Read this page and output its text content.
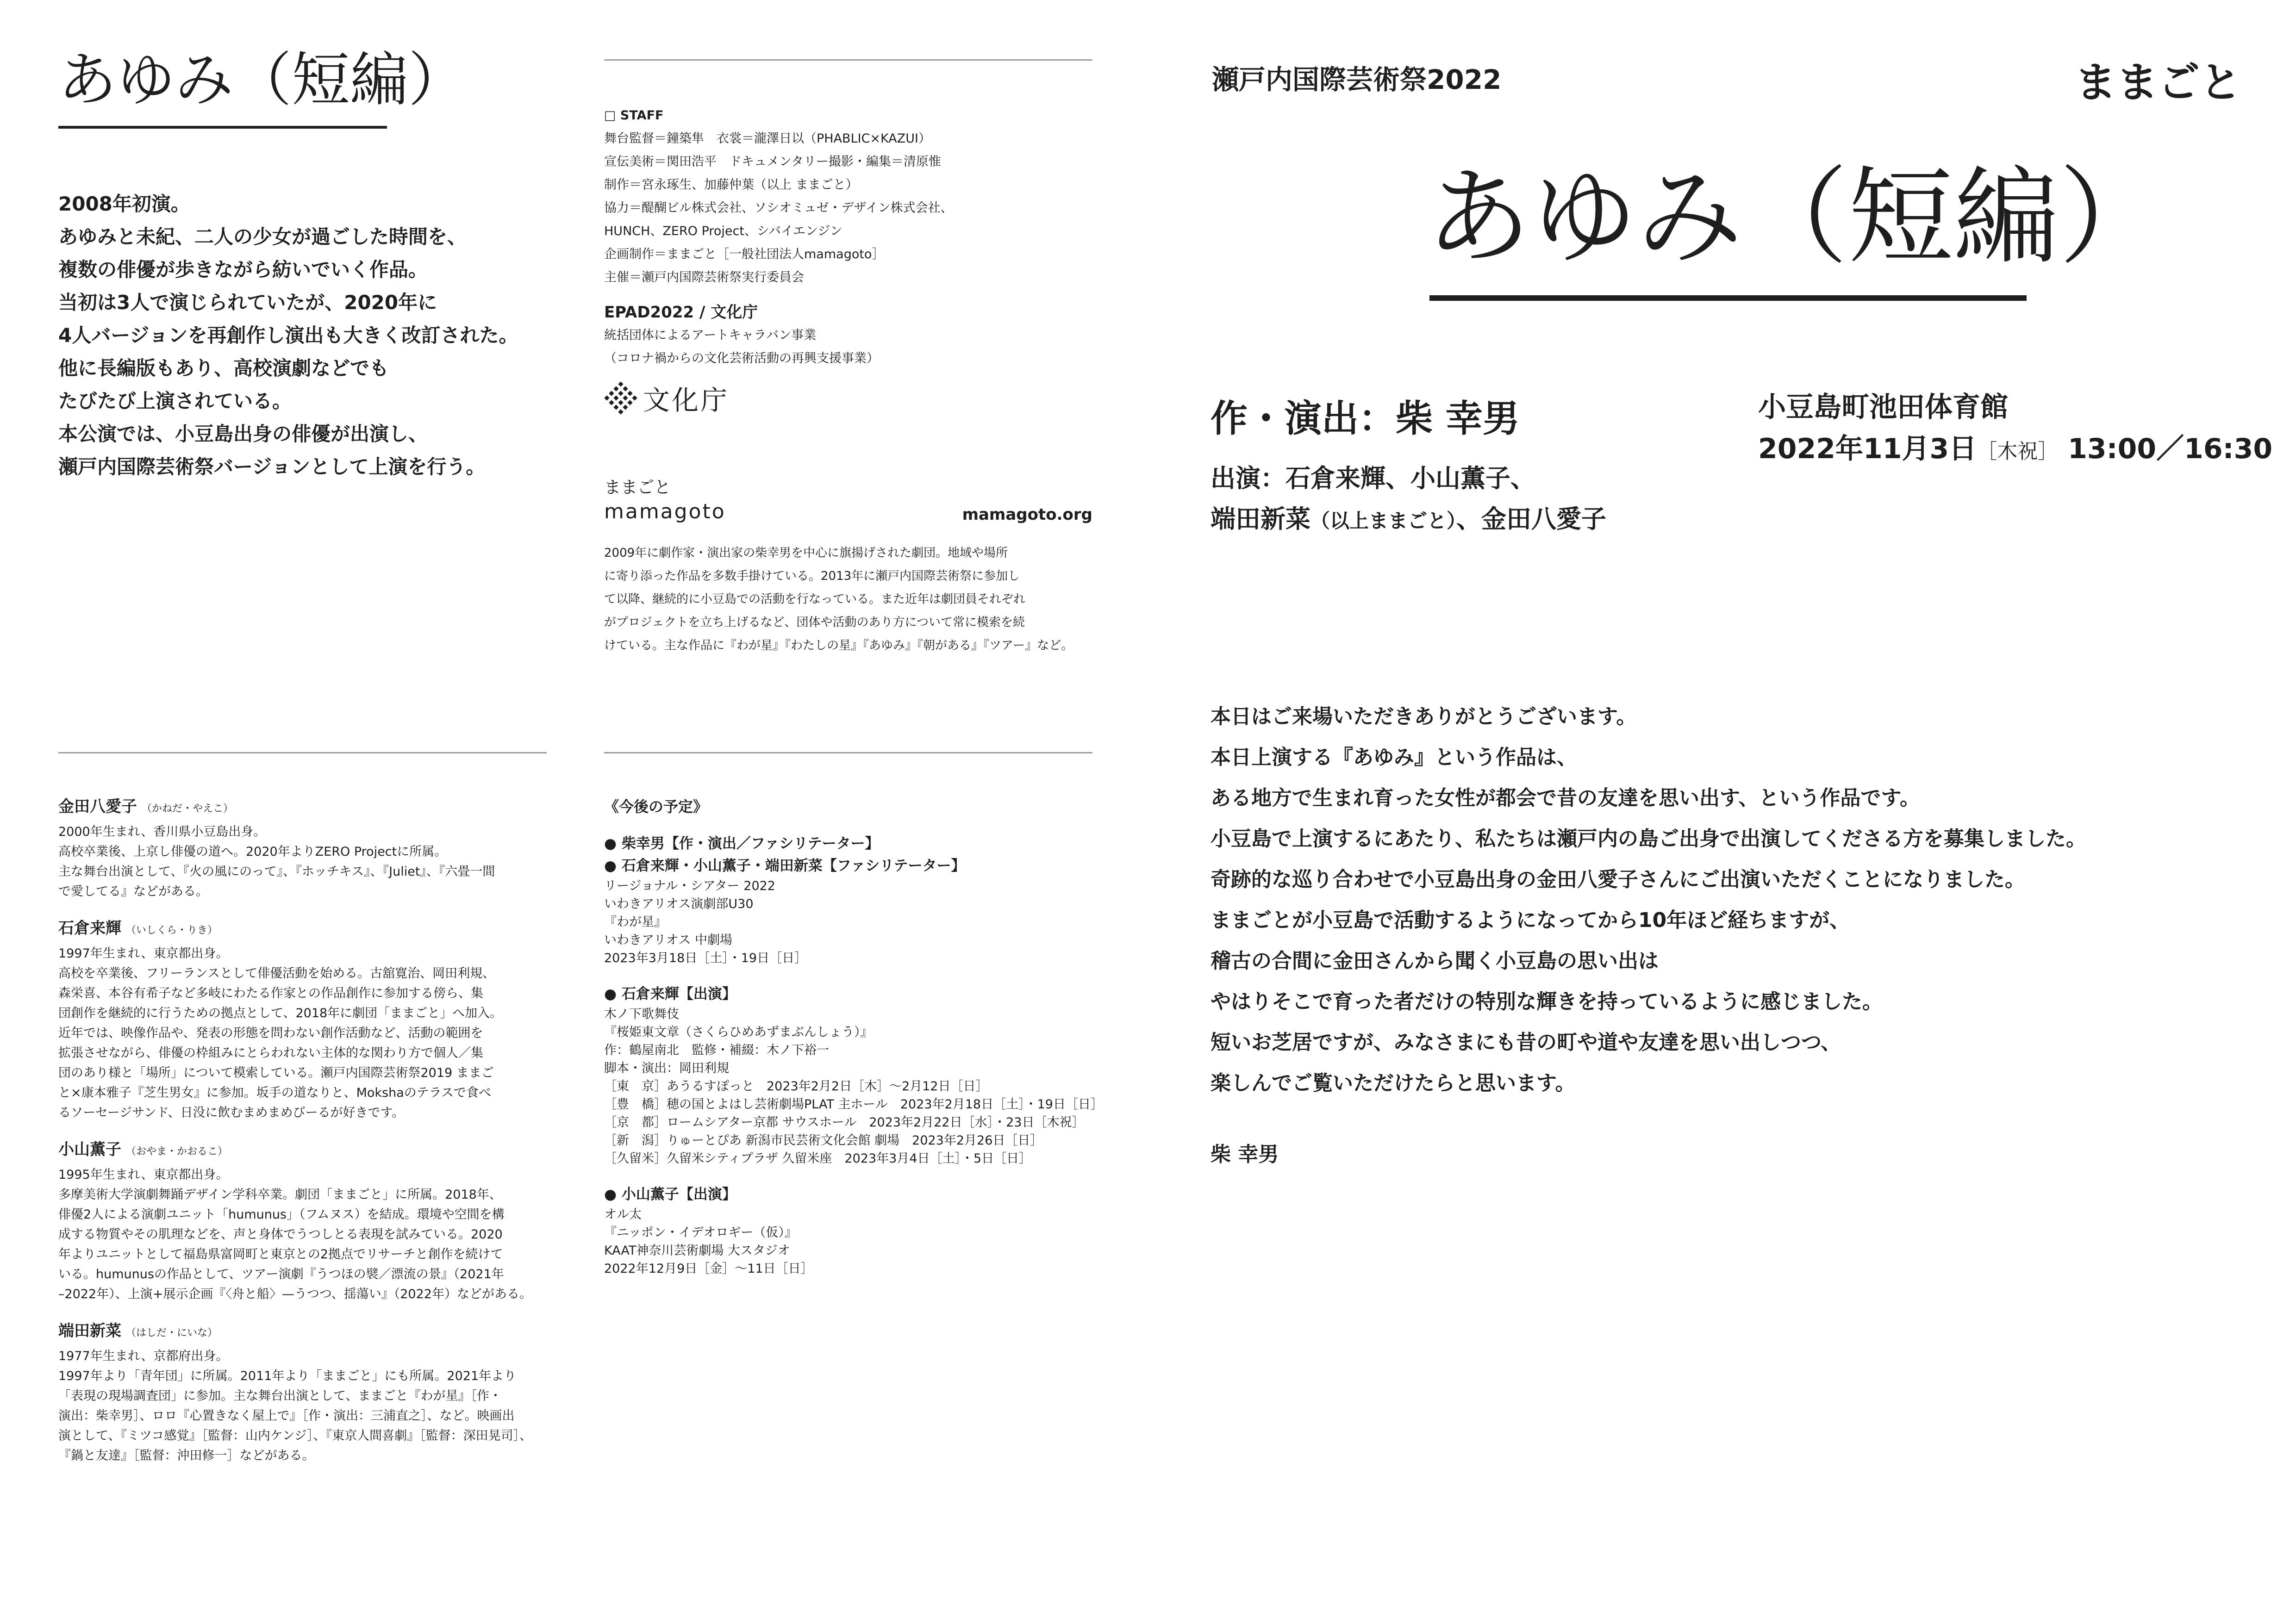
あゆみ（短編）
2008年初演。
あゆみと未紀、二人の少女が過ごした時間を、
複数の俳優が歩きながら紡いでいく作品。
当初は3人で演じられていたが、2020年に
4人バージョンを再創作し演出も大きく改訂された。
他に長編版もあり、高校演劇などでも
たびたび上演されている。
本公演では、小豆島出身の俳優が出演し、
瀬戸内国際芸術祭バージョンとして上演を行う。
金田八愛子 （かねだ・やえこ）
2000年生まれ、香川県小豆島出身。
高校卒業後、上京し俳優の道へ。2020年よりZERO Projectに所属。
主な舞台出演として、『火の風にのって』、『ホッチキス』、『Juliet』、『六畳一間
で愛してる』などがある。
石倉来輝 （いしくら・りき）
1997年生まれ、東京都出身。
高校を卒業後、フリーランスとして俳優活動を始める。古舘寛治、岡田利規、
森栄喜、本谷有希子など多岐にわたる作家との作品創作に参加する傍ら、集
団創作を継続的に行うための拠点として、2018年に劇団「ままごと」へ加入。
近年では、映像作品や、発表の形態を問わない創作活動など、活動の範囲を
拡張させながら、俳優の枠組みにとらわれない主体的な関わり方で個人／集
団のあり様と「場所」について模索している。瀬戸内国際芸術祭2019 ままご
と×康本雅子『芝生男女』に参加。坂手の道なりと、Mokshaのテラスで食べ
るソーセージサンド、日没に飲むまめまめびーるが好きです。
小山薫子 （おやま・かおるこ）
1995年生まれ、東京都出身。
多摩美術大学演劇舞踊デザイン学科卒業。劇団「ままごと」に所属。2018年、
俳優2人による演劇ユニット「humunus」（フムヌス）を結成。環境や空間を構
成する物質やその肌理などを、声と身体でうつしとる表現を試みている。2020
年よりユニットとして福島県富岡町と東京との2拠点でリサーチと創作を続けて
いる。humunusの作品として、ツアー演劇『うつほの襞／漂流の景』（2021年
–2022年）、上演+展示企画『〈舟と船〉—うつつ、揺蕩い』（2022年）などがある。
端田新菜 （はしだ・にいな）
1977年生まれ、京都府出身。
1997年より「青年団」に所属。2011年より「ままごと」にも所属。2021年より
「表現の現場調査団」に参加。主な舞台出演として、ままごと『わが星』［作・
演出：柴幸男］、ロロ『心置きなく屋上で』［作・演出：三浦直之］、など。映画出
演として、『ミツコ感覚』［監督：山内ケンジ］、『東京人間喜劇』［監督：深田晃司］、
『鍋と友達』［監督：沖田修一］などがある。
□ STAFF
舞台監督＝鐘築隼　衣裳＝瀧澤日以（PHABLIC×KAZUI）
宣伝美術＝関田浩平　ドキュメンタリー撮影・編集＝清原惟
制作＝宮永琢生、加藤仲葉（以上 ままごと）
協力＝醍醐ビル株式会社、ソシオミュゼ・デザイン株式会社、
HUNCH、ZERO Project、シバイエンジン
企画制作＝ままごと［一般社団法人mamagoto］
主催＝瀬戸内国際芸術祭実行委員会
EPAD2022 / 文化庁
統括団体によるアートキャラバン事業
（コロナ禍からの文化芸術活動の再興支援事業）
文化庁
ままごと
mamagoto	mamagoto.org
2009年に劇作家・演出家の柴幸男を中心に旗揚げされた劇団。地域や場所
に寄り添った作品を多数手掛けている。2013年に瀬戸内国際芸術祭に参加し
て以降、継続的に小豆島での活動を行なっている。また近年は劇団員それぞれ
がプロジェクトを立ち上げるなど、団体や活動のあり方について常に模索を続
けている。主な作品に『わが星』『わたしの星』『あゆみ』『朝がある』『ツアー』など。
《今後の予定》
● 柴幸男【作・演出／ファシリテーター】
● 石倉来輝・小山薫子・端田新菜【ファシリテーター】
リージョナル・シアター 2022
いわきアリオス演劇部U30
『わが星』
いわきアリオス 中劇場
2023年3月18日［土］・19日［日］
● 石倉来輝【出演】
木ノ下歌舞伎
『桜姫東文章（さくらひめあずまぶんしょう）』
作：鶴屋南北　監修・補綴：木ノ下裕一
脚本・演出：岡田利規
［東　京］あうるすぽっと　2023年2月2日［木］〜2月12日［日］
［豊　橋］穂の国とよはし芸術劇場PLAT 主ホール　2023年2月18日［土］・19日［日］
［京　都］ロームシアター京都 サウスホール　2023年2月22日［水］・23日［木祝］
［新　潟］りゅーとぴあ 新潟市民芸術文化会館 劇場　2023年2月26日［日］
［久留米］久留米シティプラザ 久留米座　2023年3月4日［土］・5日［日］
● 小山薫子【出演】
オル太
『ニッポン・イデオロギー（仮）』
KAAT神奈川芸術劇場 大スタジオ
2022年12月9日［金］〜11日［日］
瀬戸内国際芸術祭2022	ままごと
あゆみ（短編）
作・演出：柴 幸男
出演：石倉来輝、小山薫子、
端田新菜（以上ままごと）、金田八愛子
小豆島町池田体育館
2022年11月3日［木祝］ 13:00／16:30
本日はご来場いただきありがとうございます。
本日上演する『あゆみ』という作品は、
ある地方で生まれ育った女性が都会で昔の友達を思い出す、という作品です。
小豆島で上演するにあたり、私たちは瀬戸内の島ご出身で出演してくださる方を募集しました。
奇跡的な巡り合わせで小豆島出身の金田八愛子さんにご出演いただくことになりました。
ままごとが小豆島で活動するようになってから10年ほど経ちますが、
稽古の合間に金田さんから聞く小豆島の思い出は
やはりそこで育った者だけの特別な輝きを持っているように感じました。
短いお芝居ですが、みなさまにも昔の町や道や友達を思い出しつつ、
楽しんでご覧いただけたらと思います。
柴 幸男
